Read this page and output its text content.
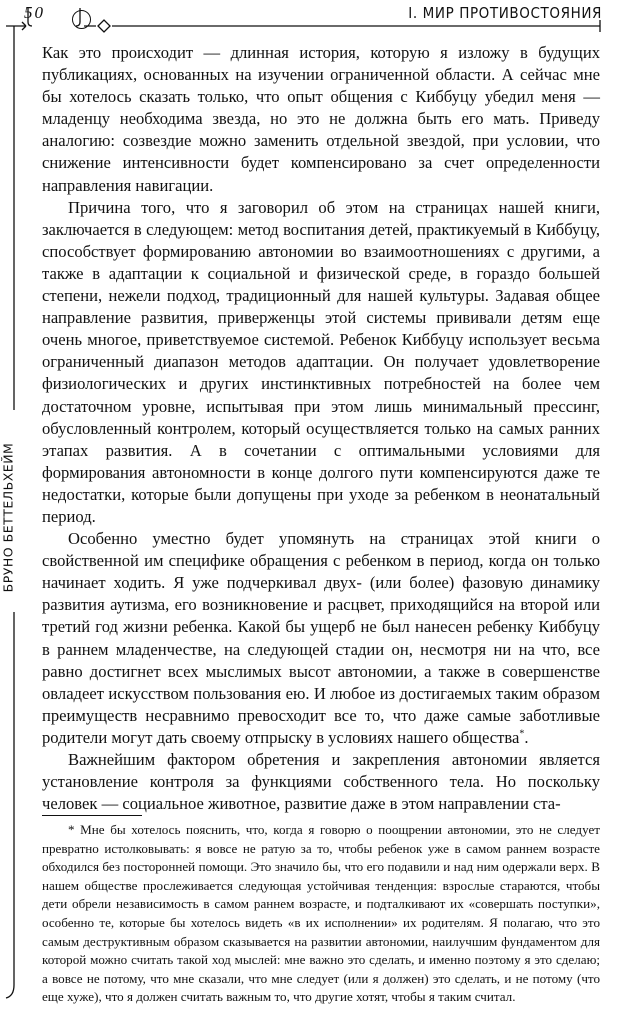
50	I. МИР ПРОТИВОСТОЯНИЯ
БРУНО БЕТТЕЛЬХЕЙМ

Как это происходит — длинная история, которую я изложу в будущих публикациях, основанных на изучении ограниченной области. А сейчас мне бы хотелось сказать только, что опыт общения с Киббуцу убедил меня — младенцу необходима звезда, но это не должна быть его мать. Приведу аналогию: созвездие можно заменить отдельной звездой, при условии, что снижение интенсивности будет компенсировано за счет определенности направления навигации.

Причина того, что я заговорил об этом на страницах нашей книги, заключается в следующем: метод воспитания детей, практикуемый в Киббуцу, способствует формированию автономии во взаимоотношениях с другими, а также в адаптации к социальной и физической среде, в гораздо большей степени, нежели подход, традиционный для нашей культуры. Задавая общее направление развития, приверженцы этой системы прививали детям еще очень многое, приветствуемое системой. Ребенок Киббуцу использует весьма ограниченный диапазон методов адаптации. Он получает удовлетворение физиологических и других инстинктивных потребностей на более чем достаточном уровне, испытывая при этом лишь минимальный прессинг, обусловленный контролем, который осуществляется только на самых ранних этапах развития. А в сочетании с оптимальными условиями для формирования автономности в конце долгого пути компенсируются даже те недостатки, которые были допущены при уходе за ребенком в неонатальный период.

Особенно уместно будет упомянуть на страницах этой книги о свойственной им специфике обращения с ребенком в период, когда он только начинает ходить. Я уже подчеркивал двух- (или более) фазовую динамику развития аутизма, его возникновение и расцвет, приходящийся на второй или третий год жизни ребенка. Какой бы ущерб не был нанесен ребенку Киббуцу в раннем младенчестве, на следующей стадии он, несмотря ни на что, все равно достигнет всех мыслимых высот автономии, а также в совершенстве овладеет искусством пользования ею. И любое из достигаемых таким образом преимуществ несравнимо превосходит все то, что даже самые заботливые родители могут дать своему отпрыску в условиях нашего общества*.

Важнейшим фактором обретения и закрепления автономии является установление контроля за функциями собственного тела. Но поскольку человек — социальное животное, развитие даже в этом направлении ста-

* Мне бы хотелось пояснить, что, когда я говорю о поощрении автономии, это не следует превратно истолковывать: я вовсе не ратую за то, чтобы ребенок уже в самом раннем возрасте обходился без посторонней помощи. Это значило бы, что его подавили и над ним одержали верх. В нашем обществе прослеживается следующая устойчивая тенденция: взрослые стараются, чтобы дети обрели независимость в самом раннем возрасте, и подталкивают их «совершать поступки», особенно те, которые бы хотелось видеть «в их исполнении» их родителям. Я полагаю, что это самым деструктивным образом сказывается на развитии автономии, наилучшим фундаментом для которой можно считать такой ход мыслей: мне важно это сделать, и именно поэтому я это сделаю; а вовсе не потому, что мне сказали, что мне следует (или я должен) это сделать, и не потому (что еще хуже), что я должен считать важным то, что другие хотят, чтобы я таким считал.
